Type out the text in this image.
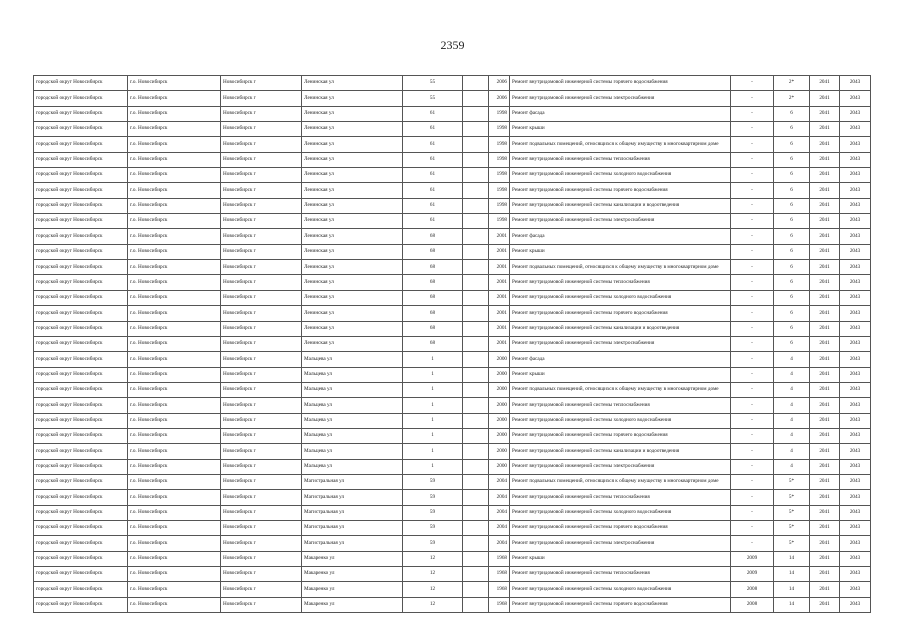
2359
городской округ Новосибирск	г.о. Новосибирск	Новосибирск г	Ленинская ул	55		2006	Ремонт внутридомовой инженерной системы горячего водоснабжения	-	2*	2041	2043
городской округ Новосибирск	г.о. Новосибирск	Новосибирск г	Ленинская ул	55		2006	Ремонт внутридомовой инженерной системы электроснабжения	-	2*	2041	2043
городской округ Новосибирск	г.о. Новосибирск	Новосибирск г	Ленинская ул	61		1998	Ремонт фасада	-	6	2041	2043
городской округ Новосибирск	г.о. Новосибирск	Новосибирск г	Ленинская ул	61		1998	Ремонт крыши	-	6	2041	2043
городской округ Новосибирск	г.о. Новосибирск	Новосибирск г	Ленинская ул	61		1998	Ремонт подвальных помещений, относящихся к общему имуществу в многоквартирном доме	-	6	2041	2043
городской округ Новосибирск	г.о. Новосибирск	Новосибирск г	Ленинская ул	61		1998	Ремонт внутридомовой инженерной системы теплоснабжения	-	6	2041	2043
городской округ Новосибирск	г.о. Новосибирск	Новосибирск г	Ленинская ул	61		1998	Ремонт внутридомовой инженерной системы холодного водоснабжения	-	6	2041	2043
городской округ Новосибирск	г.о. Новосибирск	Новосибирск г	Ленинская ул	61		1998	Ремонт внутридомовой инженерной системы горячего водоснабжения	-	6	2041	2043
городской округ Новосибирск	г.о. Новосибирск	Новосибирск г	Ленинская ул	61		1998	Ремонт внутридомовой инженерной системы канализации и водоотведения	-	6	2041	2043
городской округ Новосибирск	г.о. Новосибирск	Новосибирск г	Ленинская ул	61		1998	Ремонт внутридомовой инженерной системы электроснабжения	-	6	2041	2043
городской округ Новосибирск	г.о. Новосибирск	Новосибирск г	Ленинская ул	68		2001	Ремонт фасада	-	6	2041	2043
городской округ Новосибирск	г.о. Новосибирск	Новосибирск г	Ленинская ул	68		2001	Ремонт крыши	-	6	2041	2043
городской округ Новосибирск	г.о. Новосибирск	Новосибирск г	Ленинская ул	68		2001	Ремонт подвальных помещений, относящихся к общему имуществу в многоквартирном доме	-	6	2041	2043
городской округ Новосибирск	г.о. Новосибирск	Новосибирск г	Ленинская ул	68		2001	Ремонт внутридомовой инженерной системы теплоснабжения	-	6	2041	2043
городской округ Новосибирск	г.о. Новосибирск	Новосибирск г	Ленинская ул	68		2001	Ремонт внутридомовой инженерной системы холодного водоснабжения	-	6	2041	2043
городской округ Новосибирск	г.о. Новосибирск	Новосибирск г	Ленинская ул	68		2001	Ремонт внутридомовой инженерной системы горячего водоснабжения	-	6	2041	2043
городской округ Новосибирск	г.о. Новосибирск	Новосибирск г	Ленинская ул	68		2001	Ремонт внутридомовой инженерной системы канализации и водоотведения	-	6	2041	2043
городской округ Новосибирск	г.о. Новосибирск	Новосибирск г	Ленинская ул	68		2001	Ремонт внутридомовой инженерной системы электроснабжения	-	6	2041	2043
городской округ Новосибирск	г.о. Новосибирск	Новосибирск г	Мальцева ул	1		2000	Ремонт фасада	-	4	2041	2043
городской округ Новосибирск	г.о. Новосибирск	Новосибирск г	Мальцева ул	1		2000	Ремонт крыши	-	4	2041	2043
городской округ Новосибирск	г.о. Новосибирск	Новосибирск г	Мальцева ул	1		2000	Ремонт подвальных помещений, относящихся к общему имуществу в многоквартирном доме	-	4	2041	2043
городской округ Новосибирск	г.о. Новосибирск	Новосибирск г	Мальцева ул	1		2000	Ремонт внутридомовой инженерной системы теплоснабжения	-	4	2041	2043
городской округ Новосибирск	г.о. Новосибирск	Новосибирск г	Мальцева ул	1		2000	Ремонт внутридомовой инженерной системы холодного водоснабжения	-	4	2041	2043
городской округ Новосибирск	г.о. Новосибирск	Новосибирск г	Мальцева ул	1		2000	Ремонт внутридомовой инженерной системы горячего водоснабжения	-	4	2041	2043
городской округ Новосибирск	г.о. Новосибирск	Новосибирск г	Мальцева ул	1		2000	Ремонт внутридомовой инженерной системы канализации и водоотведения	-	4	2041	2043
городской округ Новосибирск	г.о. Новосибирск	Новосибирск г	Мальцева ул	1		2000	Ремонт внутридомовой инженерной системы электроснабжения	-	4	2041	2043
городской округ Новосибирск	г.о. Новосибирск	Новосибирск г	Магистральная ул	59		2004	Ремонт подвальных помещений, относящихся к общему имуществу в многоквартирном доме	-	5*	2041	2043
городской округ Новосибирск	г.о. Новосибирск	Новосибирск г	Магистральная ул	59		2004	Ремонт внутридомовой инженерной системы теплоснабжения	-	5*	2041	2043
городской округ Новосибирск	г.о. Новосибирск	Новосибирск г	Магистральная ул	59		2004	Ремонт внутридомовой инженерной системы холодного водоснабжения	-	5*	2041	2043
городской округ Новосибирск	г.о. Новосибирск	Новосибирск г	Магистральная ул	59		2004	Ремонт внутридомовой инженерной системы горячего водоснабжения	-	5*	2041	2043
городской округ Новосибирск	г.о. Новосибирск	Новосибирск г	Магистральная ул	59		2004	Ремонт внутридомовой инженерной системы электроснабжения	-	5*	2041	2043
городской округ Новосибирск	г.о. Новосибирск	Новосибирск г	Макаренко ул	12		1968	Ремонт крыши	2009	14	2041	2043
городской округ Новосибирск	г.о. Новосибирск	Новосибирск г	Макаренко ул	12		1968	Ремонт внутридомовой инженерной системы теплоснабжения	2009	14	2041	2043
городской округ Новосибирск	г.о. Новосибирск	Новосибирск г	Макаренко ул	12		1968	Ремонт внутридомовой инженерной системы холодного водоснабжения	2008	14	2041	2043
городской округ Новосибирск	г.о. Новосибирск	Новосибирск г	Макаренко ул	12		1968	Ремонт внутридомовой инженерной системы горячего водоснабжения	2008	14	2041	2043
